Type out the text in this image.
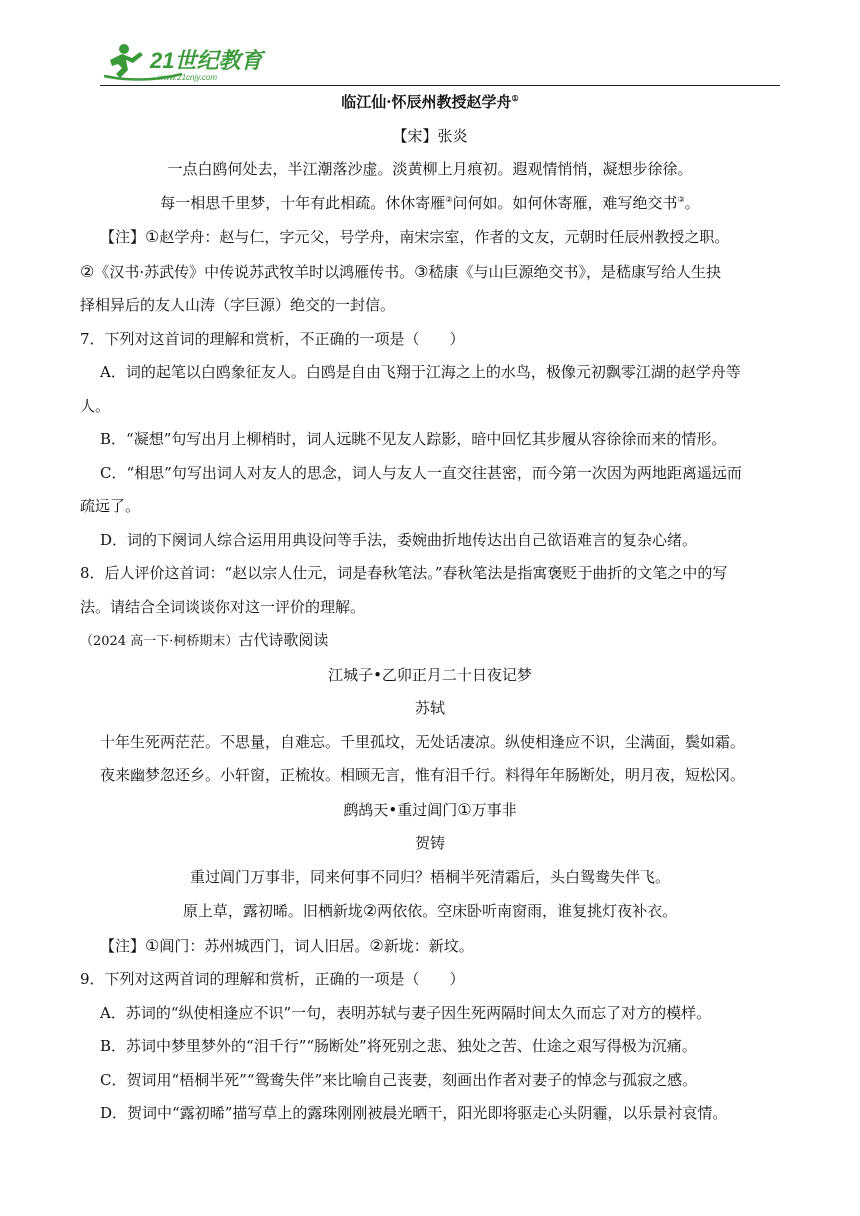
21世纪教育
www.21cnjy.com
临江仙·怀辰州教授赵学舟①
【宋】张炎
一点白鸥何处去，半江潮落沙虚。淡黄柳上月痕初。遐观情悄悄，凝想步徐徐。
每一相思千里梦，十年有此相疏。休休寄雁②问何如。如何休寄雁，难写绝交书③。
【注】①赵学舟：赵与仁，字元父，号学舟，南宋宗室，作者的文友，元朝时任辰州教授之职。
②《汉书·苏武传》中传说苏武牧羊时以鸿雁传书。③嵇康《与山巨源绝交书》，是嵇康写给人生抉
择相异后的友人山涛（字巨源）绝交的一封信。
7．下列对这首词的理解和赏析，不正确的一项是（　　）
A．词的起笔以白鸥象征友人。白鸥是自由飞翔于江海之上的水鸟，极像元初飘零江湖的赵学舟等
人。
B．“凝想”句写出月上柳梢时，词人远眺不见友人踪影，暗中回忆其步履从容徐徐而来的情形。
C．“相思”句写出词人对友人的思念，词人与友人一直交往甚密，而今第一次因为两地距离遥远而
疏远了。
D．词的下阕词人综合运用用典设问等手法，委婉曲折地传达出自己欲语难言的复杂心绪。
8．后人评价这首词：“赵以宗人仕元，词是春秋笔法。”春秋笔法是指寓褒贬于曲折的文笔之中的写
法。请结合全词谈谈你对这一评价的理解。
（2024 高一下·柯桥期末）古代诗歌阅读
江城子•乙卯正月二十日夜记梦
苏轼
十年生死两茫茫。不思量，自难忘。千里孤坟，无处话凄凉。纵使相逢应不识，尘满面，鬓如霜。
夜来幽梦忽还乡。小轩窗，正梳妆。相顾无言，惟有泪千行。料得年年肠断处，明月夜，短松冈。
鹧鸪天•重过阊门①万事非
贺铸
重过阊门万事非，同来何事不同归？梧桐半死清霜后，头白鸳鸯失伴飞。
原上草，露初晞。旧栖新垅②两依依。空床卧听南窗雨，谁复挑灯夜补衣。
【注】①阊门：苏州城西门，词人旧居。②新垅：新坟。
9．下列对这两首词的理解和赏析，正确的一项是（　　）
A．苏词的“纵使相逢应不识”一句，表明苏轼与妻子因生死两隔时间太久而忘了对方的模样。
B．苏词中梦里梦外的“泪千行”“肠断处”将死别之悲、独处之苦、仕途之艰写得极为沉痛。
C．贺词用“梧桐半死”“鸳鸯失伴”来比喻自己丧妻，刻画出作者对妻子的悼念与孤寂之感。
D．贺词中“露初晞”描写草上的露珠刚刚被晨光晒干，阳光即将驱走心头阴霾，以乐景衬哀情。
